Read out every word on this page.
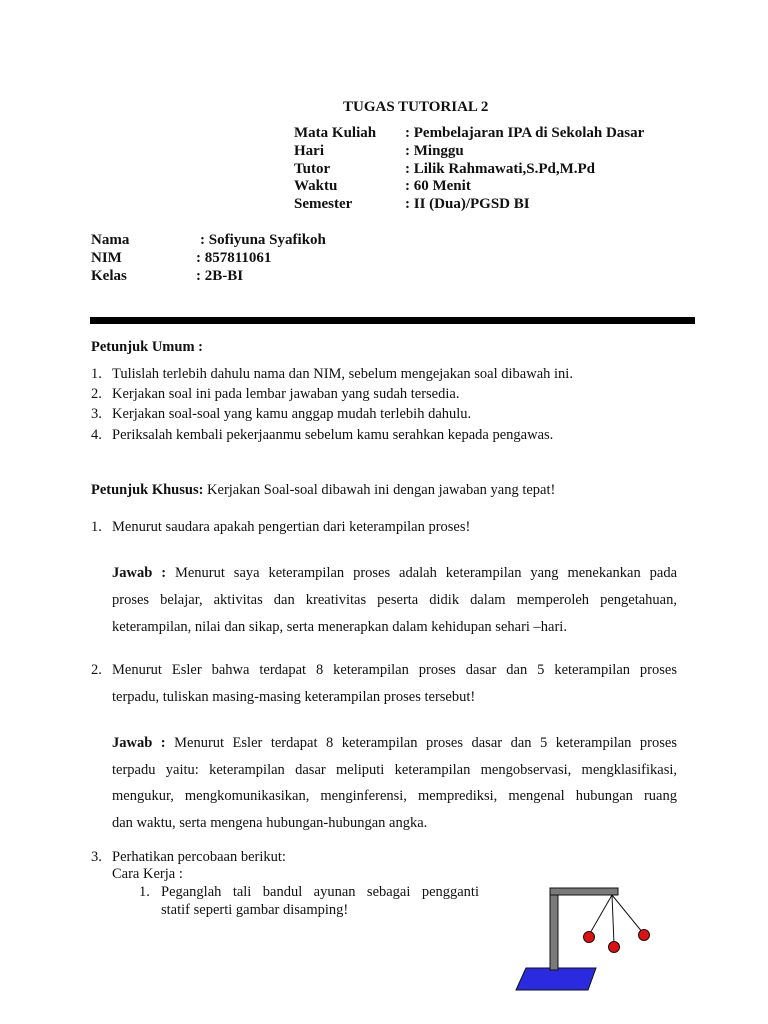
TUGAS TUTORIAL 2
Mata Kuliah : Pembelajaran IPA di Sekolah Dasar
Hari	: Minggu
Tutor	: Lilik Rahmawati,S.Pd,M.Pd
Waktu	: 60 Menit
Semester	: II (Dua)/PGSD BI
Nama	: Sofiyuna Syafikoh
NIM	: 857811061
Kelas	: 2B-BI
Petunjuk Umum :
1. Tulislah terlebih dahulu nama dan NIM, sebelum mengejakan soal dibawah ini.
2. Kerjakan soal ini pada lembar jawaban yang sudah tersedia.
3. Kerjakan soal-soal yang kamu anggap mudah terlebih dahulu.
4. Periksalah kembali pekerjaanmu sebelum kamu serahkan kepada pengawas.
Petunjuk Khusus: Kerjakan Soal-soal dibawah ini dengan jawaban yang tepat!
1. Menurut saudara apakah pengertian dari keterampilan proses!
Jawab : Menurut saya keterampilan proses adalah keterampilan yang menekankan pada
proses belajar, aktivitas dan kreativitas peserta didik dalam memperoleh pengetahuan,
keterampilan, nilai dan sikap, serta menerapkan dalam kehidupan sehari –hari.
2. Menurut Esler bahwa terdapat 8 keterampilan proses dasar dan 5 keterampilan proses
terpadu, tuliskan masing-masing keterampilan proses tersebut!
Jawab : Menurut Esler terdapat 8 keterampilan proses dasar dan 5 keterampilan proses
terpadu yaitu: keterampilan dasar meliputi keterampilan mengobservasi, mengklasifikasi,
mengukur, mengkomunikasikan, menginferensi, memprediksi, mengenal hubungan ruang
dan waktu, serta mengena hubungan-hubungan angka.
3. Perhatikan percobaan berikut:
Cara Kerja :
1. Peganglah tali bandul ayunan sebagai pengganti
statif seperti gambar disamping!
